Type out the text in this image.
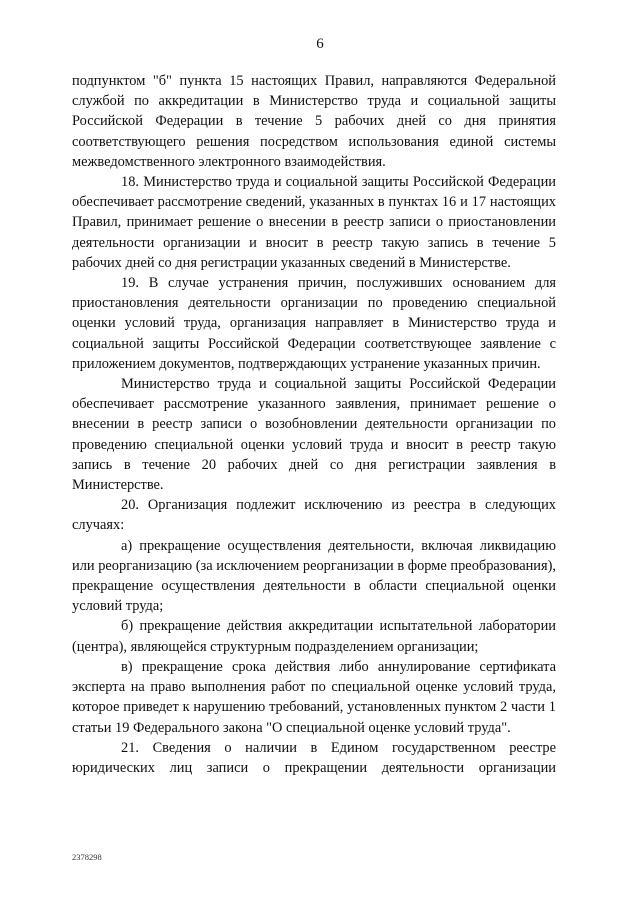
6

подпунктом "б" пункта 15 настоящих Правил, направляются Федеральной службой по аккредитации в Министерство труда и социальной защиты Российской Федерации в течение 5 рабочих дней со дня принятия соответствующего решения посредством использования единой системы межведомственного электронного взаимодействия.

18. Министерство труда и социальной защиты Российской Федерации обеспечивает рассмотрение сведений, указанных в пунктах 16 и 17 настоящих Правил, принимает решение о внесении в реестр записи о приостановлении деятельности организации и вносит в реестр такую запись в течение 5 рабочих дней со дня регистрации указанных сведений в Министерстве.

19. В случае устранения причин, послуживших основанием для приостановления деятельности организации по проведению специальной оценки условий труда, организация направляет в Министерство труда и социальной защиты Российской Федерации соответствующее заявление с приложением документов, подтверждающих устранение указанных причин.

Министерство труда и социальной защиты Российской Федерации обеспечивает рассмотрение указанного заявления, принимает решение о внесении в реестр записи о возобновлении деятельности организации по проведению специальной оценки условий труда и вносит в реестр такую запись в течение 20 рабочих дней со дня регистрации заявления в Министерстве.

20. Организация подлежит исключению из реестра в следующих случаях:

а) прекращение осуществления деятельности, включая ликвидацию или реорганизацию (за исключением реорганизации в форме преобразования), прекращение осуществления деятельности в области специальной оценки условий труда;

б) прекращение действия аккредитации испытательной лаборатории (центра), являющейся структурным подразделением организации;

в) прекращение срока действия либо аннулирование сертификата эксперта на право выполнения работ по специальной оценке условий труда, которое приведет к нарушению требований, установленных пунктом 2 части 1 статьи 19 Федерального закона "О специальной оценке условий труда".

21. Сведения о наличии в Едином государственном реестре юридических лиц записи о прекращении деятельности организации

2378298
